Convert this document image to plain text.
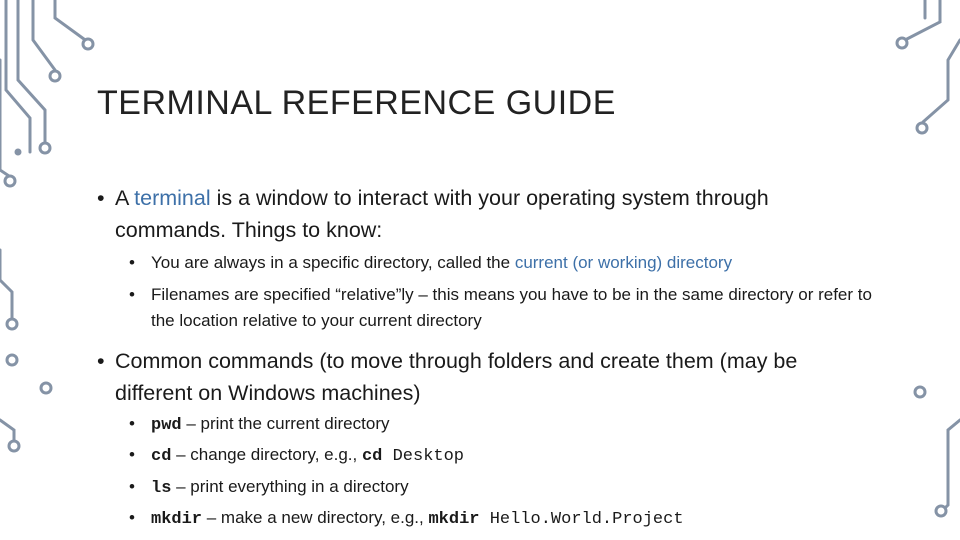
TERMINAL REFERENCE GUIDE
• A terminal is a window to interact with your operating system through commands. Things to know:
• You are always in a specific directory, called the current (or working) directory
• Filenames are specified “relative”ly – this means you have to be in the same directory or refer to the location relative to your current directory
• Common commands (to move through folders and create them (may be different on Windows machines)
• pwd – print the current directory
• cd – change directory, e.g., cd Desktop
• ls – print everything in a directory
• mkdir – make a new directory, e.g., mkdir Hello.World.Project
